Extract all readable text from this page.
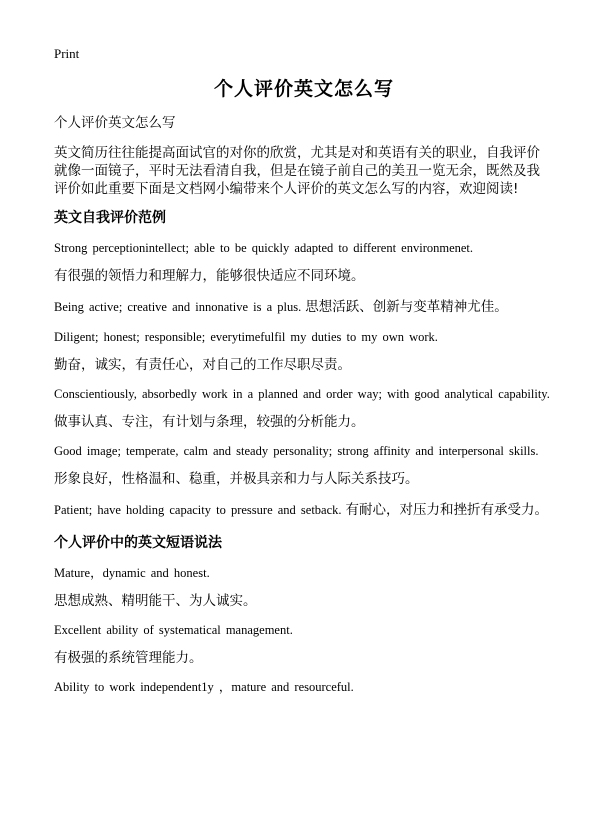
Print

个人评价英文怎么写

个人评价英文怎么写

英文简历往往能提高面试官的对你的欣赏，尤其是对和英语有关的职业，自我评价就像一面镜子，平时无法看清自我，但是在镜子前自己的美丑一览无余，既然及我评价如此重要下面是文档网小编带来个人评价的英文怎么写的内容，欢迎阅读!

英文自我评价范例

Strong perceptionintellect; able to be quickly adapted to different environmenet.

有很强的领悟力和理解力，能够很快适应不同环境。

Being active; creative and innonative is a plus. 思想活跃、创新与变革精神尤佳。

Diligent; honest; responsible; everytimefulfil my duties to my own work.

勤奋，诚实，有责任心，对自己的工作尽职尽责。

Conscientiously, absorbedly work in a planned and order way; with good analytical capability.

做事认真、专注，有计划与条理，较强的分析能力。

Good image; temperate, calm and steady personality; strong affinity and interpersonal skills.

形象良好，性格温和、稳重，并极具亲和力与人际关系技巧。

Patient; have holding capacity to pressure and setback. 有耐心，对压力和挫折有承受力。

个人评价中的英文短语说法

Mature，dynamic and honest.

思想成熟、精明能干、为人诚实。

Excellent ability of systematical management.

有极强的系统管理能力。

Ability to work independent1y ，mature and resourceful.
